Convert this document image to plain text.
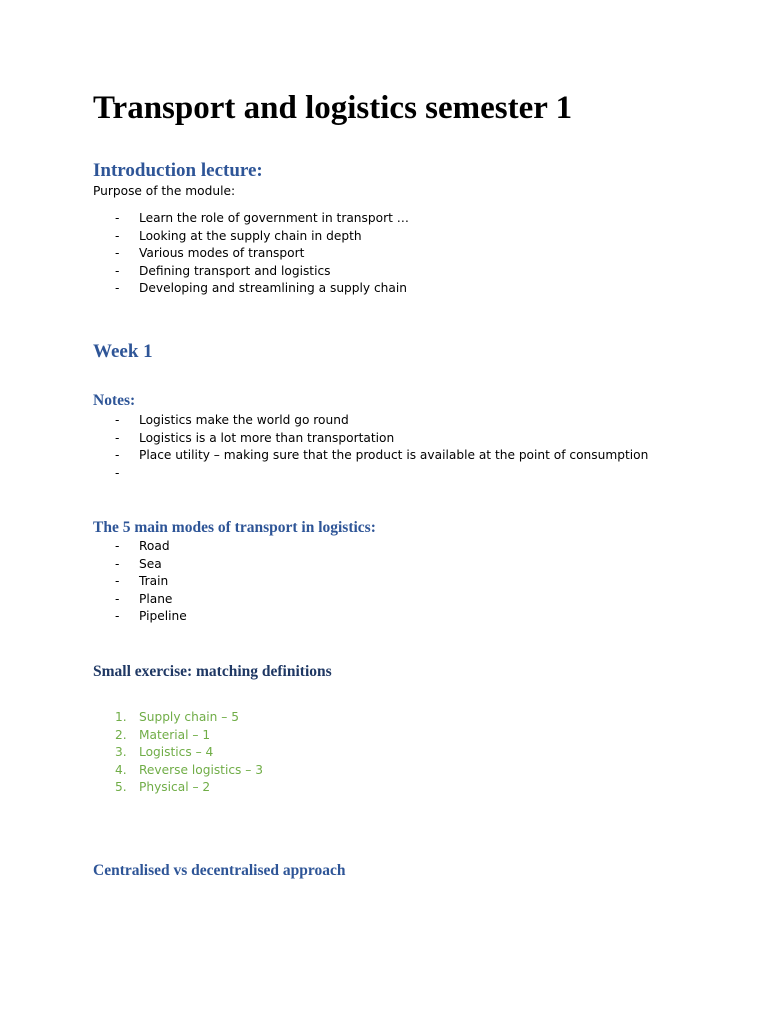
Transport and logistics semester 1
Introduction lecture:

Purpose of the module:

-	Learn the role of government in transport …
-	Looking at the supply chain in depth
-	Various modes of transport
-	Defining transport and logistics
-	Developing and streamlining a supply chain
Week 1
Notes:
-	Logistics make the world go round
-	Logistics is a lot more than transportation
-	Place utility – making sure that the product is available at the point of consumption
-
The 5 main modes of transport in logistics:
-	Road
-	Sea
-	Train
-	Plane
-	Pipeline
Small exercise: matching definitions
1. Supply chain – 5
2. Material – 1
3. Logistics – 4
4. Reverse logistics – 3
5. Physical – 2
Centralised vs decentralised approach
